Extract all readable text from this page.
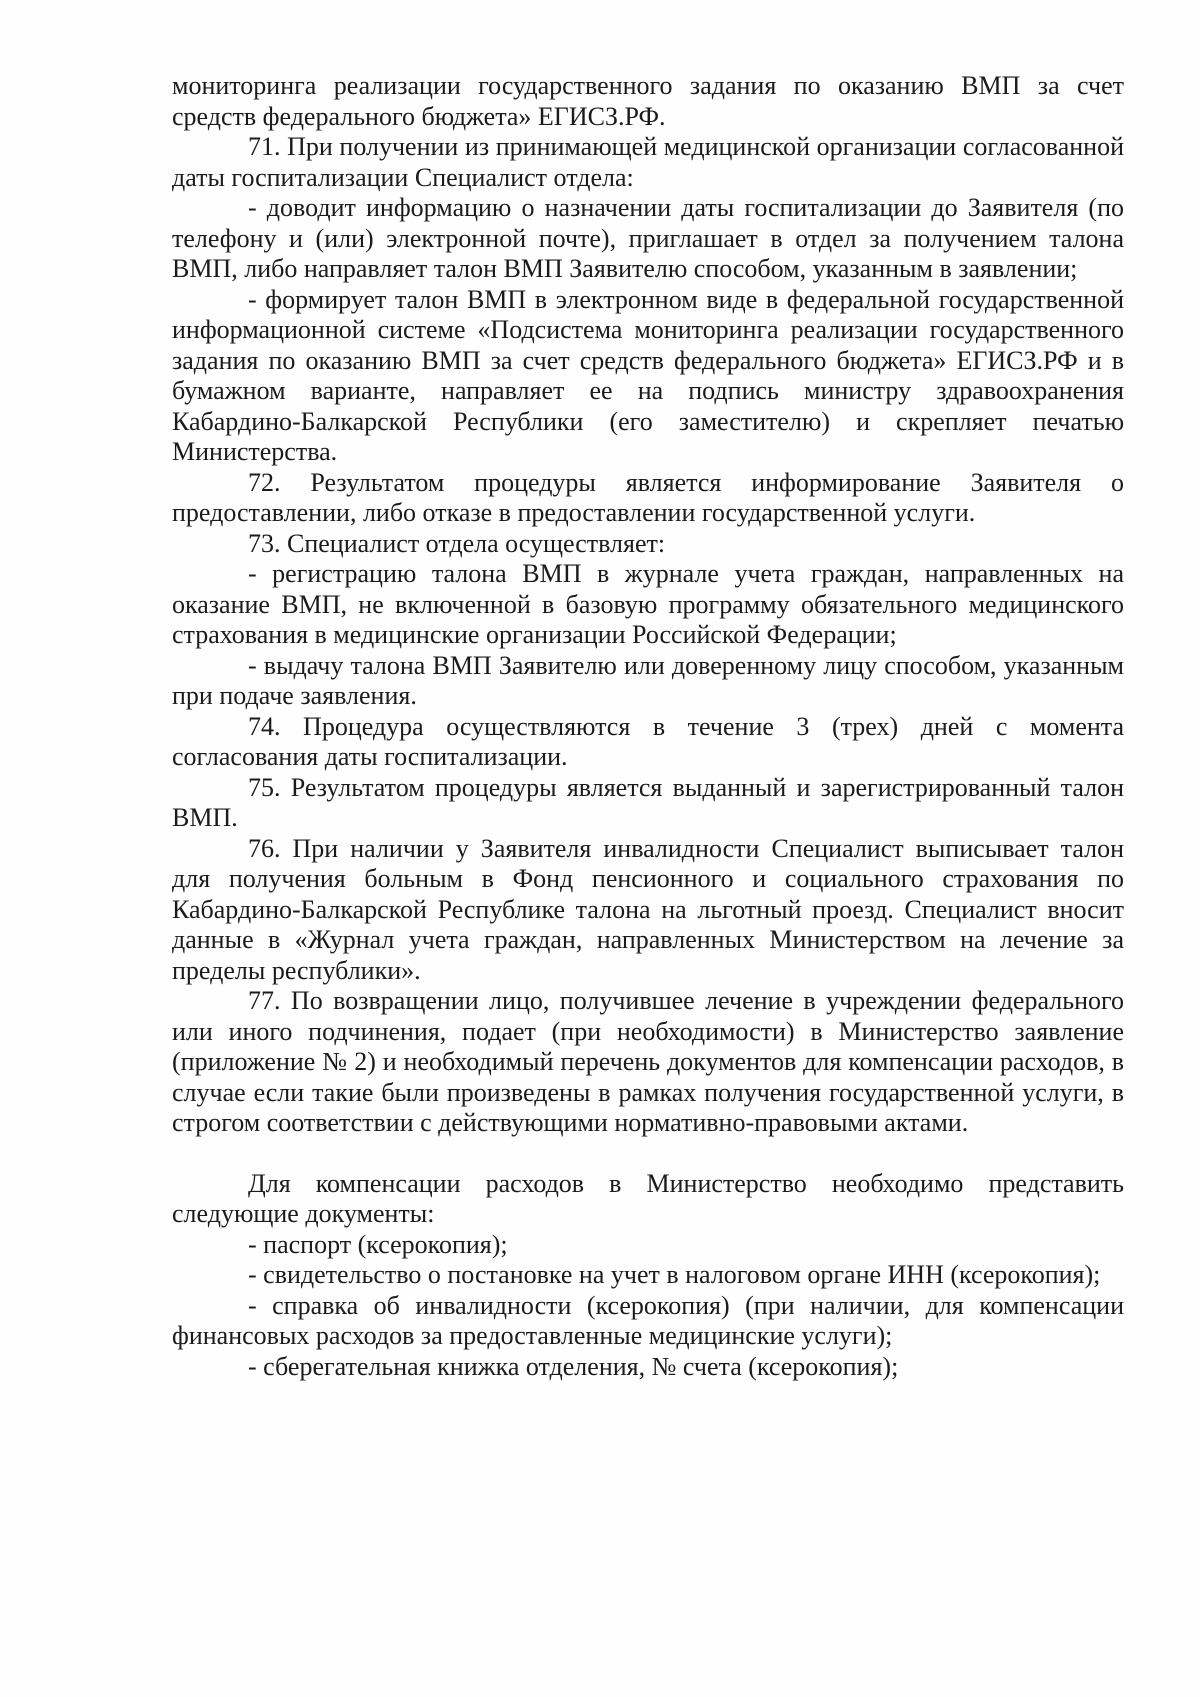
мониторинга реализации государственного задания по оказанию ВМП за счет средств федерального бюджета» ЕГИСЗ.РФ.

71. При получении из принимающей медицинской организации согласованной даты госпитализации Специалист отдела:

- доводит информацию о назначении даты госпитализации до Заявителя (по телефону и (или) электронной почте), приглашает в отдел за получением талона ВМП, либо направляет талон ВМП Заявителю способом, указанным в заявлении;

- формирует талон ВМП в электронном виде в федеральной государственной информационной системе «Подсистема мониторинга реализации государственного задания по оказанию ВМП за счет средств федерального бюджета» ЕГИСЗ.РФ и в бумажном варианте, направляет ее на подпись министру здравоохранения Кабардино-Балкарской Республики (его заместителю) и скрепляет печатью Министерства.

72. Результатом процедуры является информирование Заявителя о предоставлении, либо отказе в предоставлении государственной услуги.

73. Специалист отдела осуществляет:

- регистрацию талона ВМП в журнале учета граждан, направленных на оказание ВМП, не включенной в базовую программу обязательного медицинского страхования в медицинские организации Российской Федерации;

- выдачу талона ВМП Заявителю или доверенному лицу способом, указанным при подаче заявления.

74. Процедура осуществляются в течение 3 (трех) дней с момента согласования даты госпитализации.

75. Результатом процедуры является выданный и зарегистрированный талон ВМП.

76. При наличии у Заявителя инвалидности Специалист выписывает талон для получения больным в Фонд пенсионного и социального страхования по Кабардино-Балкарской Республике талона на льготный проезд. Специалист вносит данные в «Журнал учета граждан, направленных Министерством на лечение за пределы республики».

77. По возвращении лицо, получившее лечение в учреждении федерального или иного подчинения, подает (при необходимости) в Министерство заявление (приложение № 2) и необходимый перечень документов для компенсации расходов, в случае если такие были произведены в рамках получения государственной услуги, в строгом соответствии с действующими нормативно-правовыми актами.

Для компенсации расходов в Министерство необходимо представить следующие документы:

- паспорт (ксерокопия);

- свидетельство о постановке на учет в налоговом органе ИНН (ксерокопия);

- справка об инвалидности (ксерокопия) (при наличии, для компенсации финансовых расходов за предоставленные медицинские услуги);

- сберегательная книжка отделения, № счета (ксерокопия);
